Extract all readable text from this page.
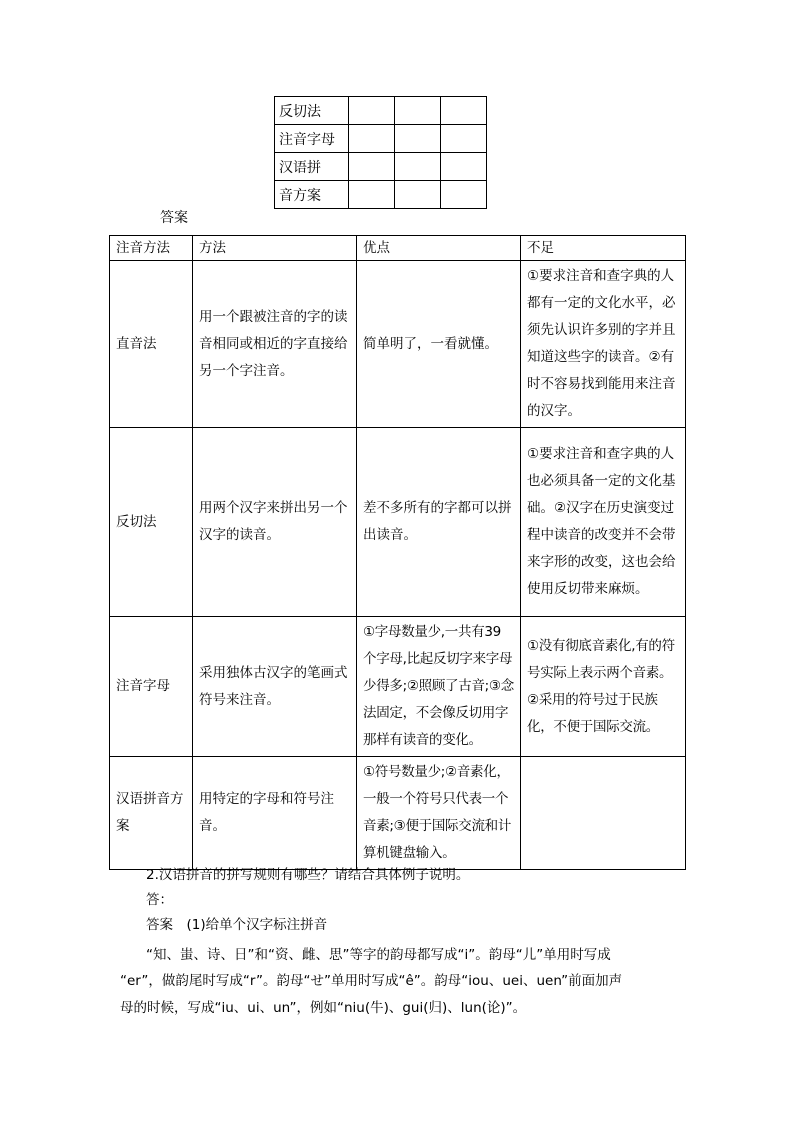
反切法			
注音字母			
汉语拼			
音方案			
答案
注音方法	方法	优点	不足
直音法	用一个跟被注音的字的读音相同或相近的字直接给另一个字注音。	简单明了，一看就懂。	①要求注音和查字典的人都有一定的文化水平，必须先认识许多别的字并且知道这些字的读音。②有时不容易找到能用来注音的汉字。
反切法	用两个汉字来拼出另一个汉字的读音。	差不多所有的字都可以拼出读音。	①要求注音和查字典的人也必须具备一定的文化基础。②汉字在历史演变过程中读音的改变并不会带来字形的改变，这也会给使用反切带来麻烦。
注音字母	采用独体古汉字的笔画式符号来注音。	①字母数量少,一共有39个字母,比起反切字来字母少得多;②照顾了古音;③念法固定，不会像反切用字那样有读音的变化。	①没有彻底音素化,有的符号实际上表示两个音素。②采用的符号过于民族化，不便于国际交流。
汉语拼音方案	用特定的字母和符号注音。	①符号数量少;②音素化，一般一个符号只代表一个音素;③便于国际交流和计算机键盘输入。	
2.汉语拼音的拼写规则有哪些？请结合具体例子说明。
答：
答案　(1)给单个汉字标注拼音
“知、蚩、诗、日”和“资、雌、思”等字的韵母都写成“i”。韵母“儿”单用时写成
“er”，做韵尾时写成“r”。韵母“せ”单用时写成“ê”。韵母“iou、uei、uen”前面加声
母的时候，写成“iu、ui、un”，例如“niu(牛)、gui(归)、lun(论)”。
